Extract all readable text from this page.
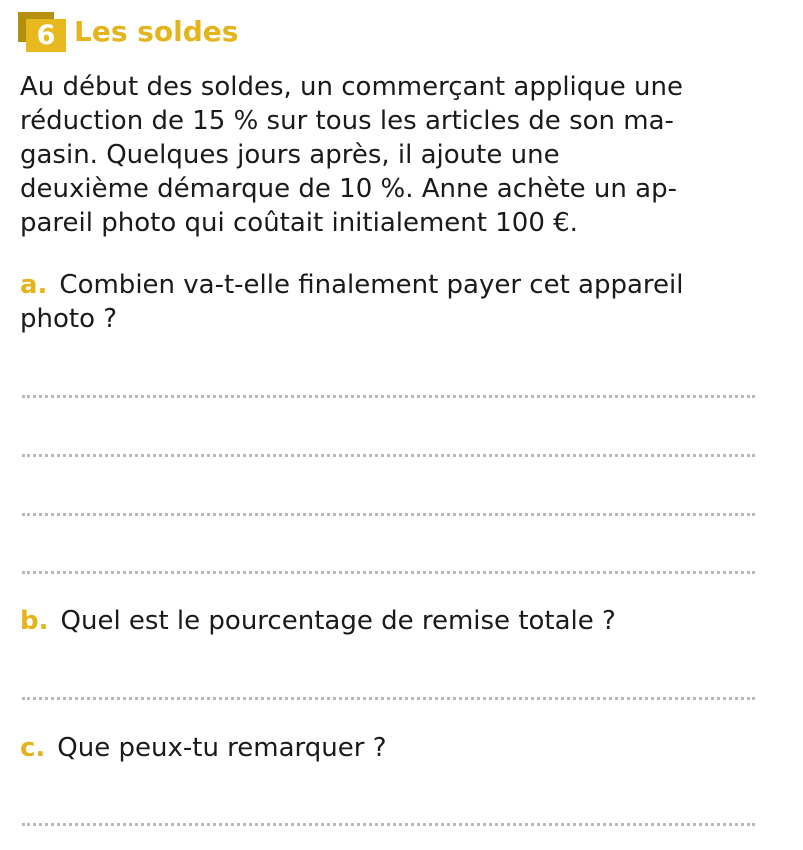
6 Les soldes
Au début des soldes, un commerçant applique une
réduction de 15 % sur tous les articles de son ma-
gasin. Quelques jours après, il ajoute une
deuxième démarque de 10 %. Anne achète un ap-
pareil photo qui coûtait initialement 100 €.
a. Combien va-t-elle finalement payer cet appareil
photo ?
b. Quel est le pourcentage de remise totale ?
c. Que peux-tu remarquer ?
